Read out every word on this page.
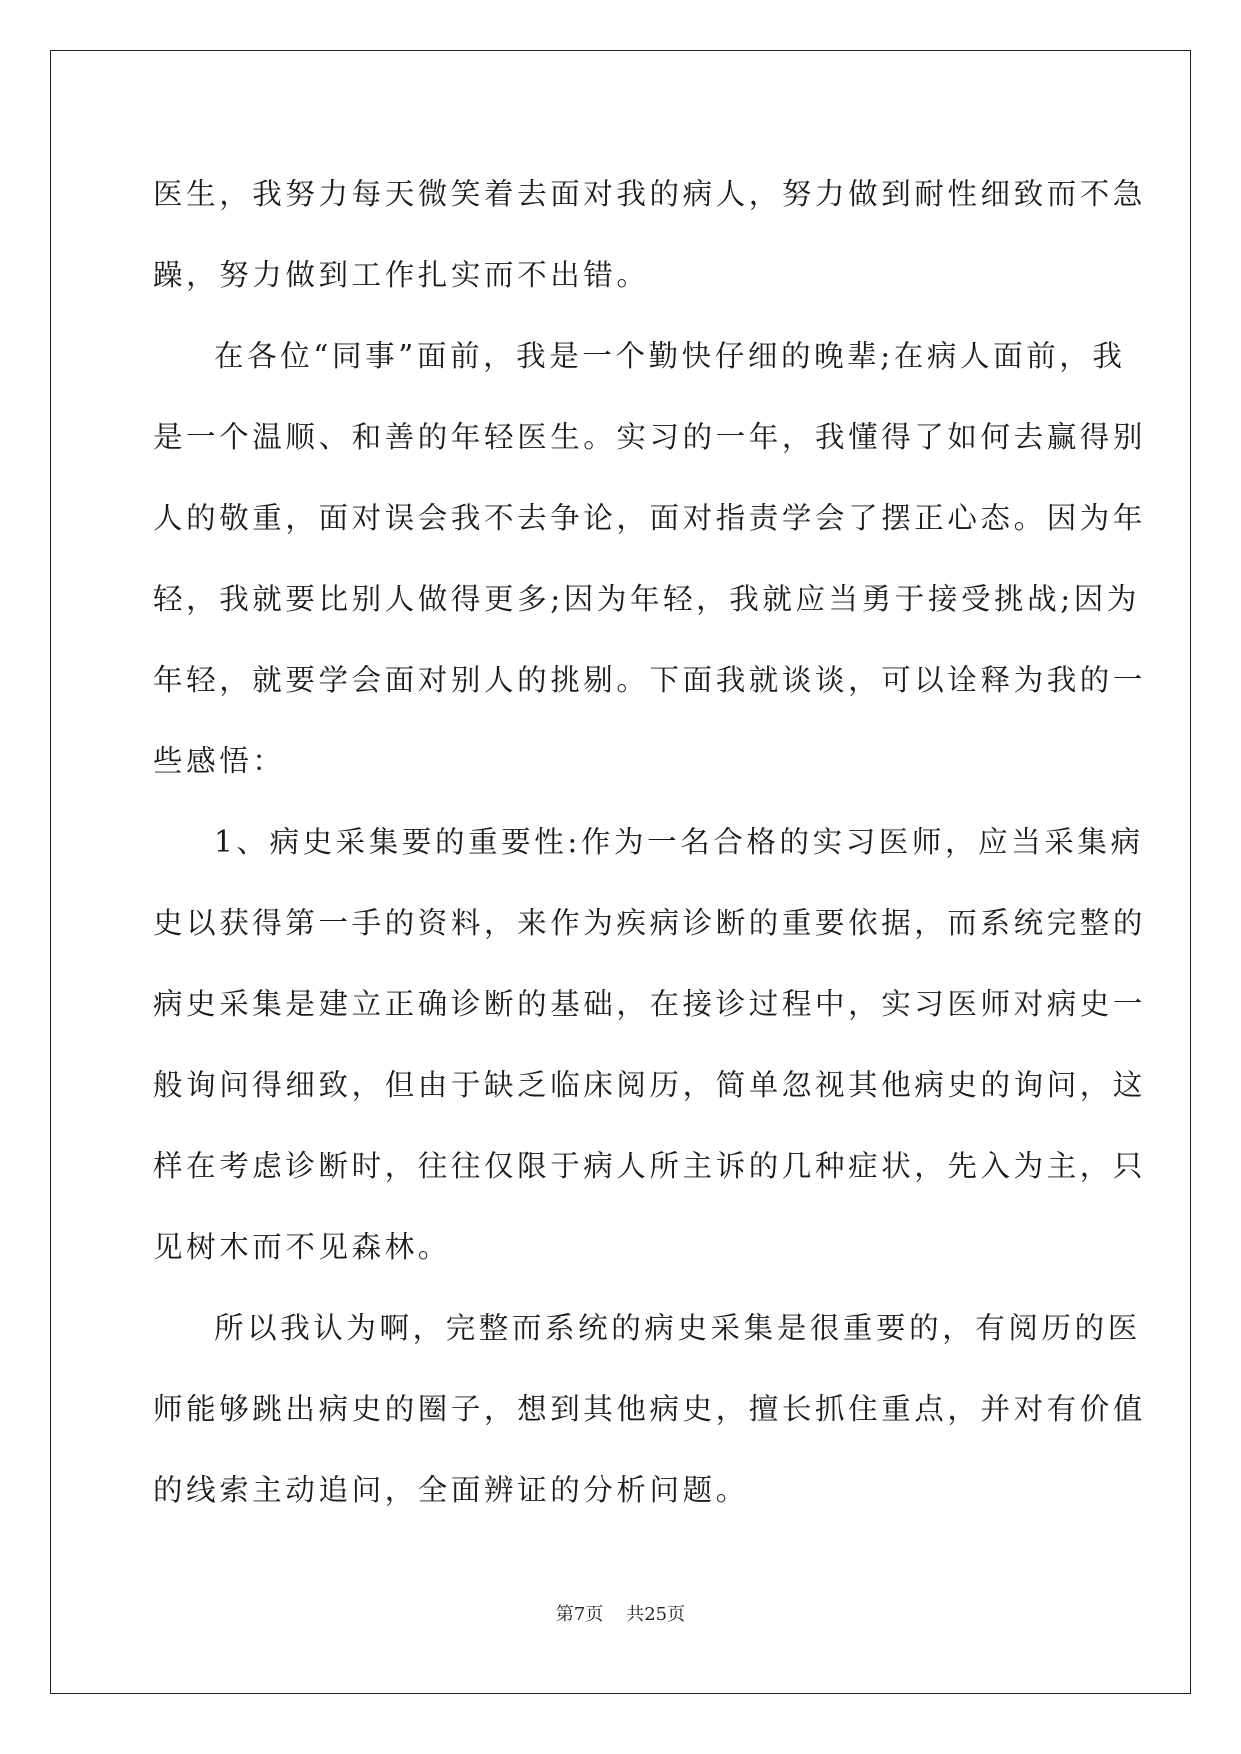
医生，我努力每天微笑着去面对我的病人，努力做到耐性细致而不急
躁，努力做到工作扎实而不出错。
在各位“同事”面前，我是一个勤快仔细的晚辈;在病人面前，我
是一个温顺、和善的年轻医生。实习的一年，我懂得了如何去赢得别
人的敬重，面对误会我不去争论，面对指责学会了摆正心态。因为年
轻，我就要比别人做得更多;因为年轻，我就应当勇于接受挑战;因为
年轻，就要学会面对别人的挑剔。下面我就谈谈，可以诠释为我的一
些感悟：
1、病史采集要的重要性:作为一名合格的实习医师，应当采集病
史以获得第一手的资料，来作为疾病诊断的重要依据，而系统完整的
病史采集是建立正确诊断的基础，在接诊过程中，实习医师对病史一
般询问得细致，但由于缺乏临床阅历，简单忽视其他病史的询问，这
样在考虑诊断时，往往仅限于病人所主诉的几种症状，先入为主，只
见树木而不见森林。
所以我认为啊，完整而系统的病史采集是很重要的，有阅历的医
师能够跳出病史的圈子，想到其他病史，擅长抓住重点，并对有价值
的线索主动追问，全面辨证的分析问题。
第7页 共25页
